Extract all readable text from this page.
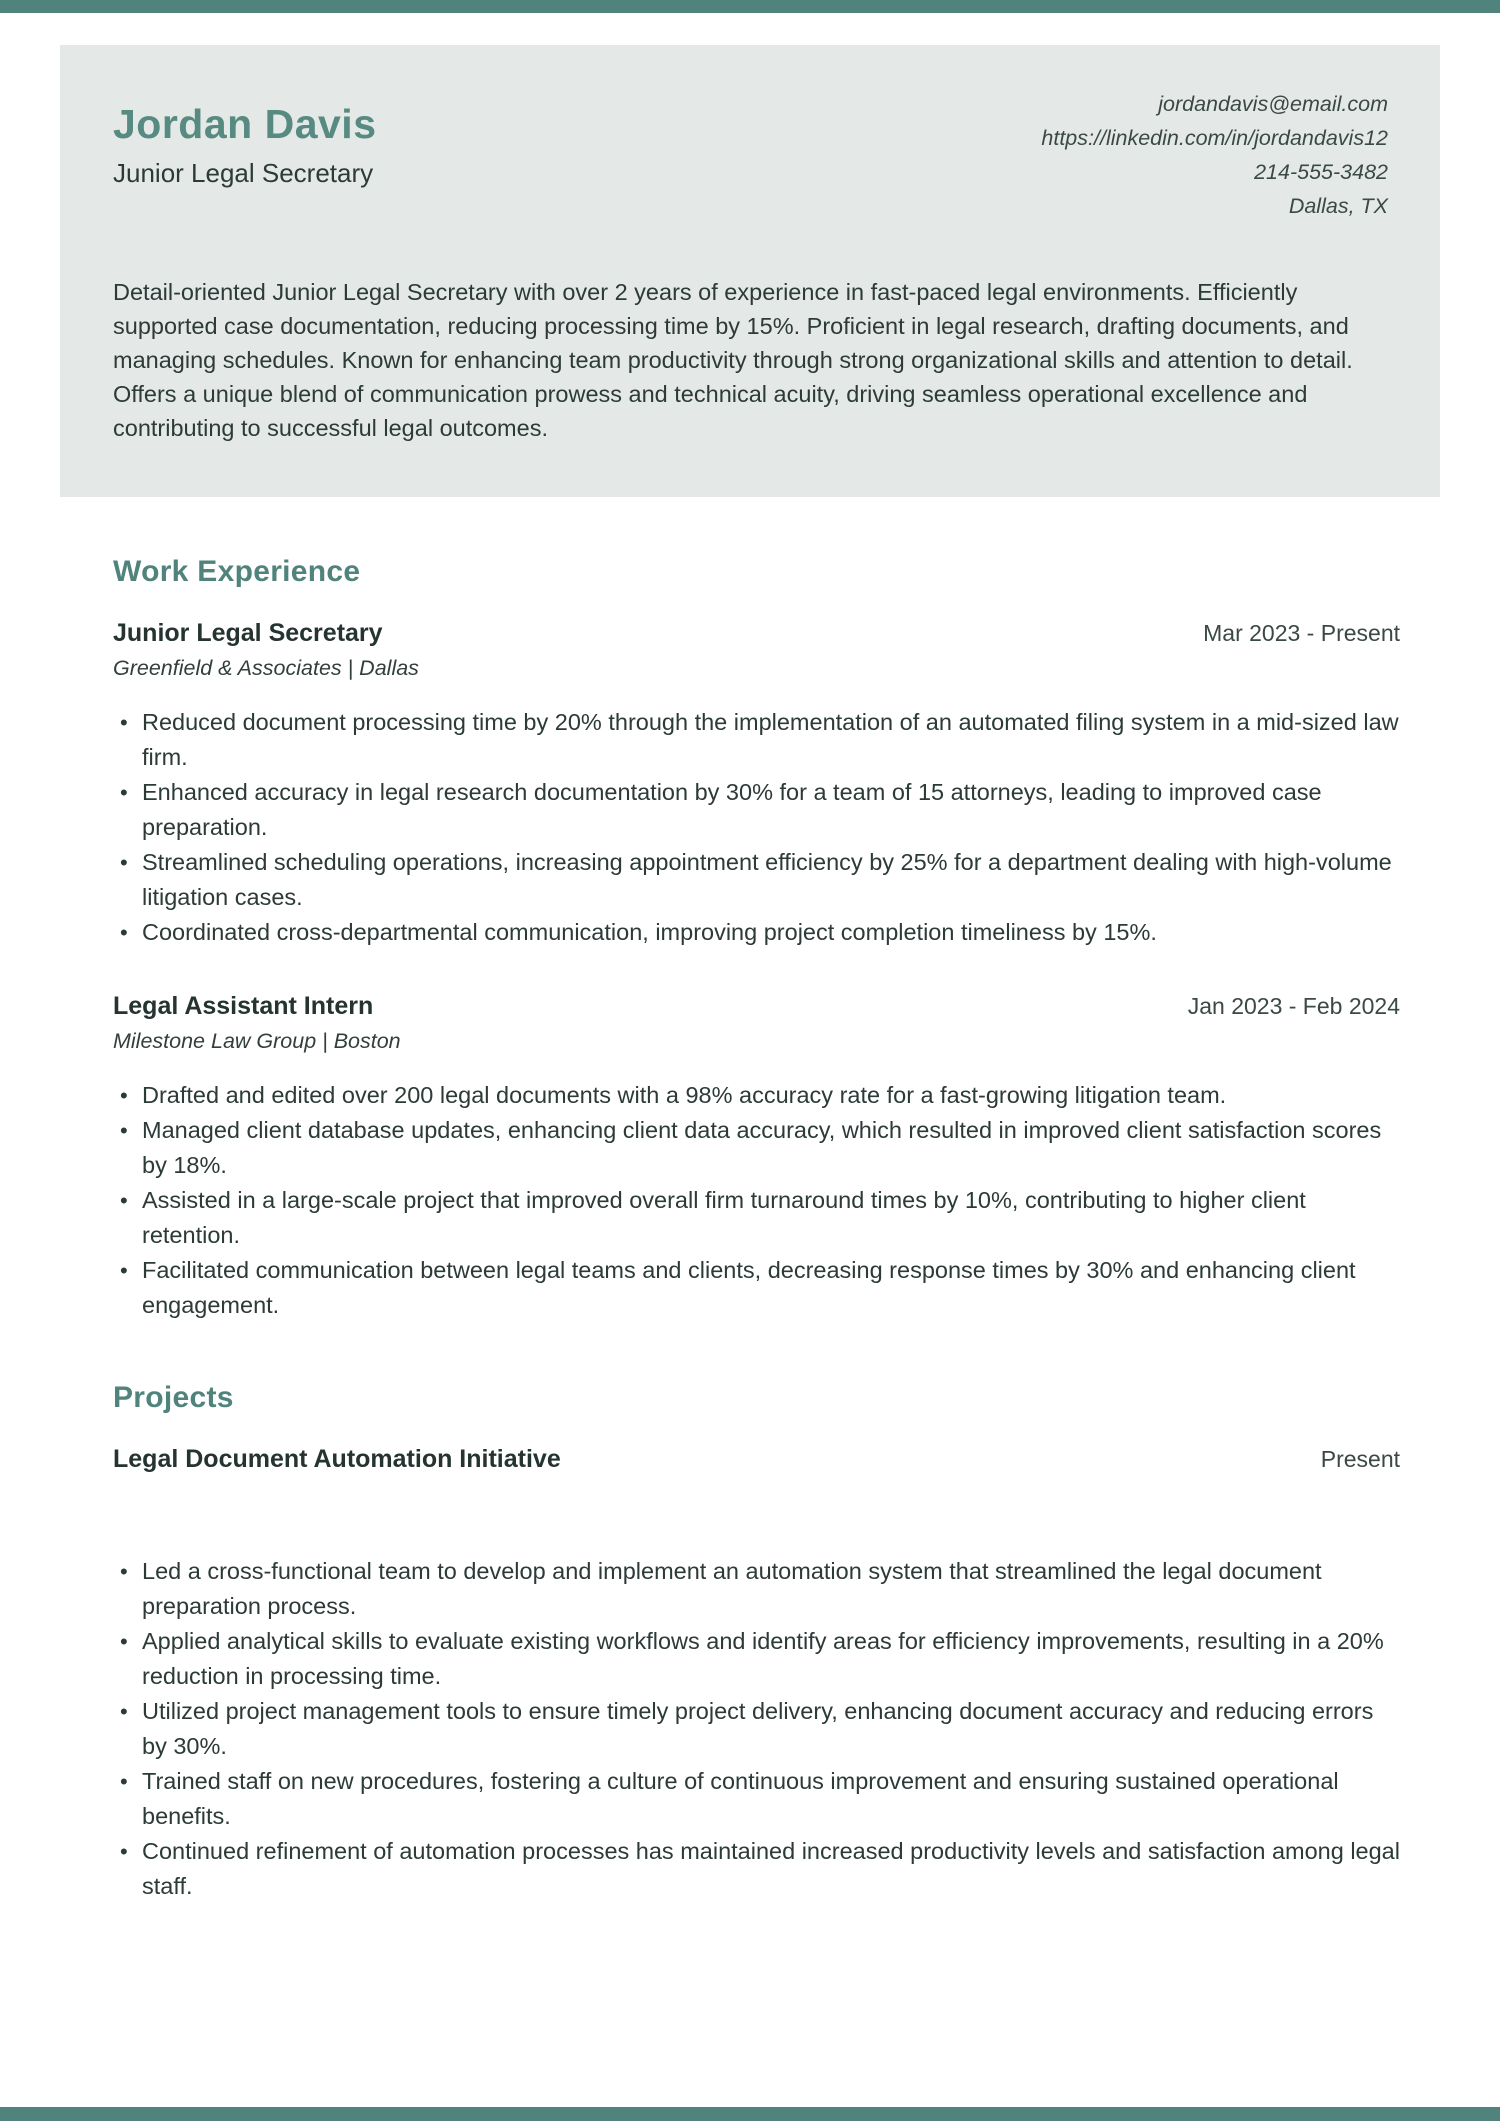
Jordan Davis
Junior Legal Secretary
jordandavis@email.com
https://linkedin.com/in/jordandavis12
214-555-3482
Dallas, TX
Detail-oriented Junior Legal Secretary with over 2 years of experience in fast-paced legal environments. Efficiently supported case documentation, reducing processing time by 15%. Proficient in legal research, drafting documents, and managing schedules. Known for enhancing team productivity through strong organizational skills and attention to detail. Offers a unique blend of communication prowess and technical acuity, driving seamless operational excellence and contributing to successful legal outcomes.
Work Experience
Junior Legal Secretary	Mar 2023 - Present
Greenfield & Associates | Dallas
• Reduced document processing time by 20% through the implementation of an automated filing system in a mid-sized law firm.
• Enhanced accuracy in legal research documentation by 30% for a team of 15 attorneys, leading to improved case preparation.
• Streamlined scheduling operations, increasing appointment efficiency by 25% for a department dealing with high-volume litigation cases.
• Coordinated cross-departmental communication, improving project completion timeliness by 15%.
Legal Assistant Intern	Jan 2023 - Feb 2024
Milestone Law Group | Boston
• Drafted and edited over 200 legal documents with a 98% accuracy rate for a fast-growing litigation team.
• Managed client database updates, enhancing client data accuracy, which resulted in improved client satisfaction scores by 18%.
• Assisted in a large-scale project that improved overall firm turnaround times by 10%, contributing to higher client retention.
• Facilitated communication between legal teams and clients, decreasing response times by 30% and enhancing client engagement.
Projects
Legal Document Automation Initiative	Present
• Led a cross-functional team to develop and implement an automation system that streamlined the legal document preparation process.
• Applied analytical skills to evaluate existing workflows and identify areas for efficiency improvements, resulting in a 20% reduction in processing time.
• Utilized project management tools to ensure timely project delivery, enhancing document accuracy and reducing errors by 30%.
• Trained staff on new procedures, fostering a culture of continuous improvement and ensuring sustained operational benefits.
• Continued refinement of automation processes has maintained increased productivity levels and satisfaction among legal staff.
